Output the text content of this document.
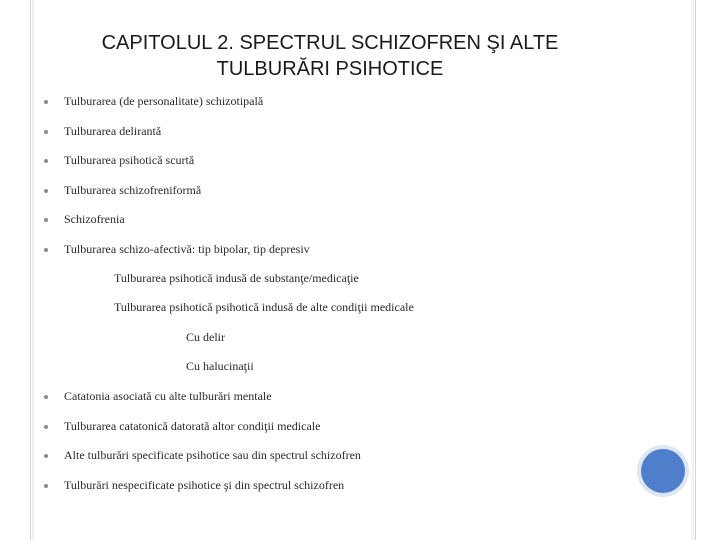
CAPITOLUL 2. SPECTRUL SCHIZOFREN ŞI ALTE
TULBURĂRI PSIHOTICE
Tulburarea (de personalitate) schizotipală
Tulburarea delirantă
Tulburarea psihotică scurtă
Tulburarea schizofreniformă
Schizofrenia
Tulburarea schizo-afectivă: tip bipolar, tip depresiv
Tulburarea psihotică indusă de substanţe/medicaţie
Tulburarea psihotică psihotică indusă de alte condiţii medicale
Cu delir
Cu halucinaţii
Catatonia asociată cu alte tulburări mentale
Tulburarea catatonică datorată altor condiţii medicale
Alte tulburări specificate psihotice sau din spectrul schizofren
Tulburări nespecificate psihotice şi din spectrul schizofren
